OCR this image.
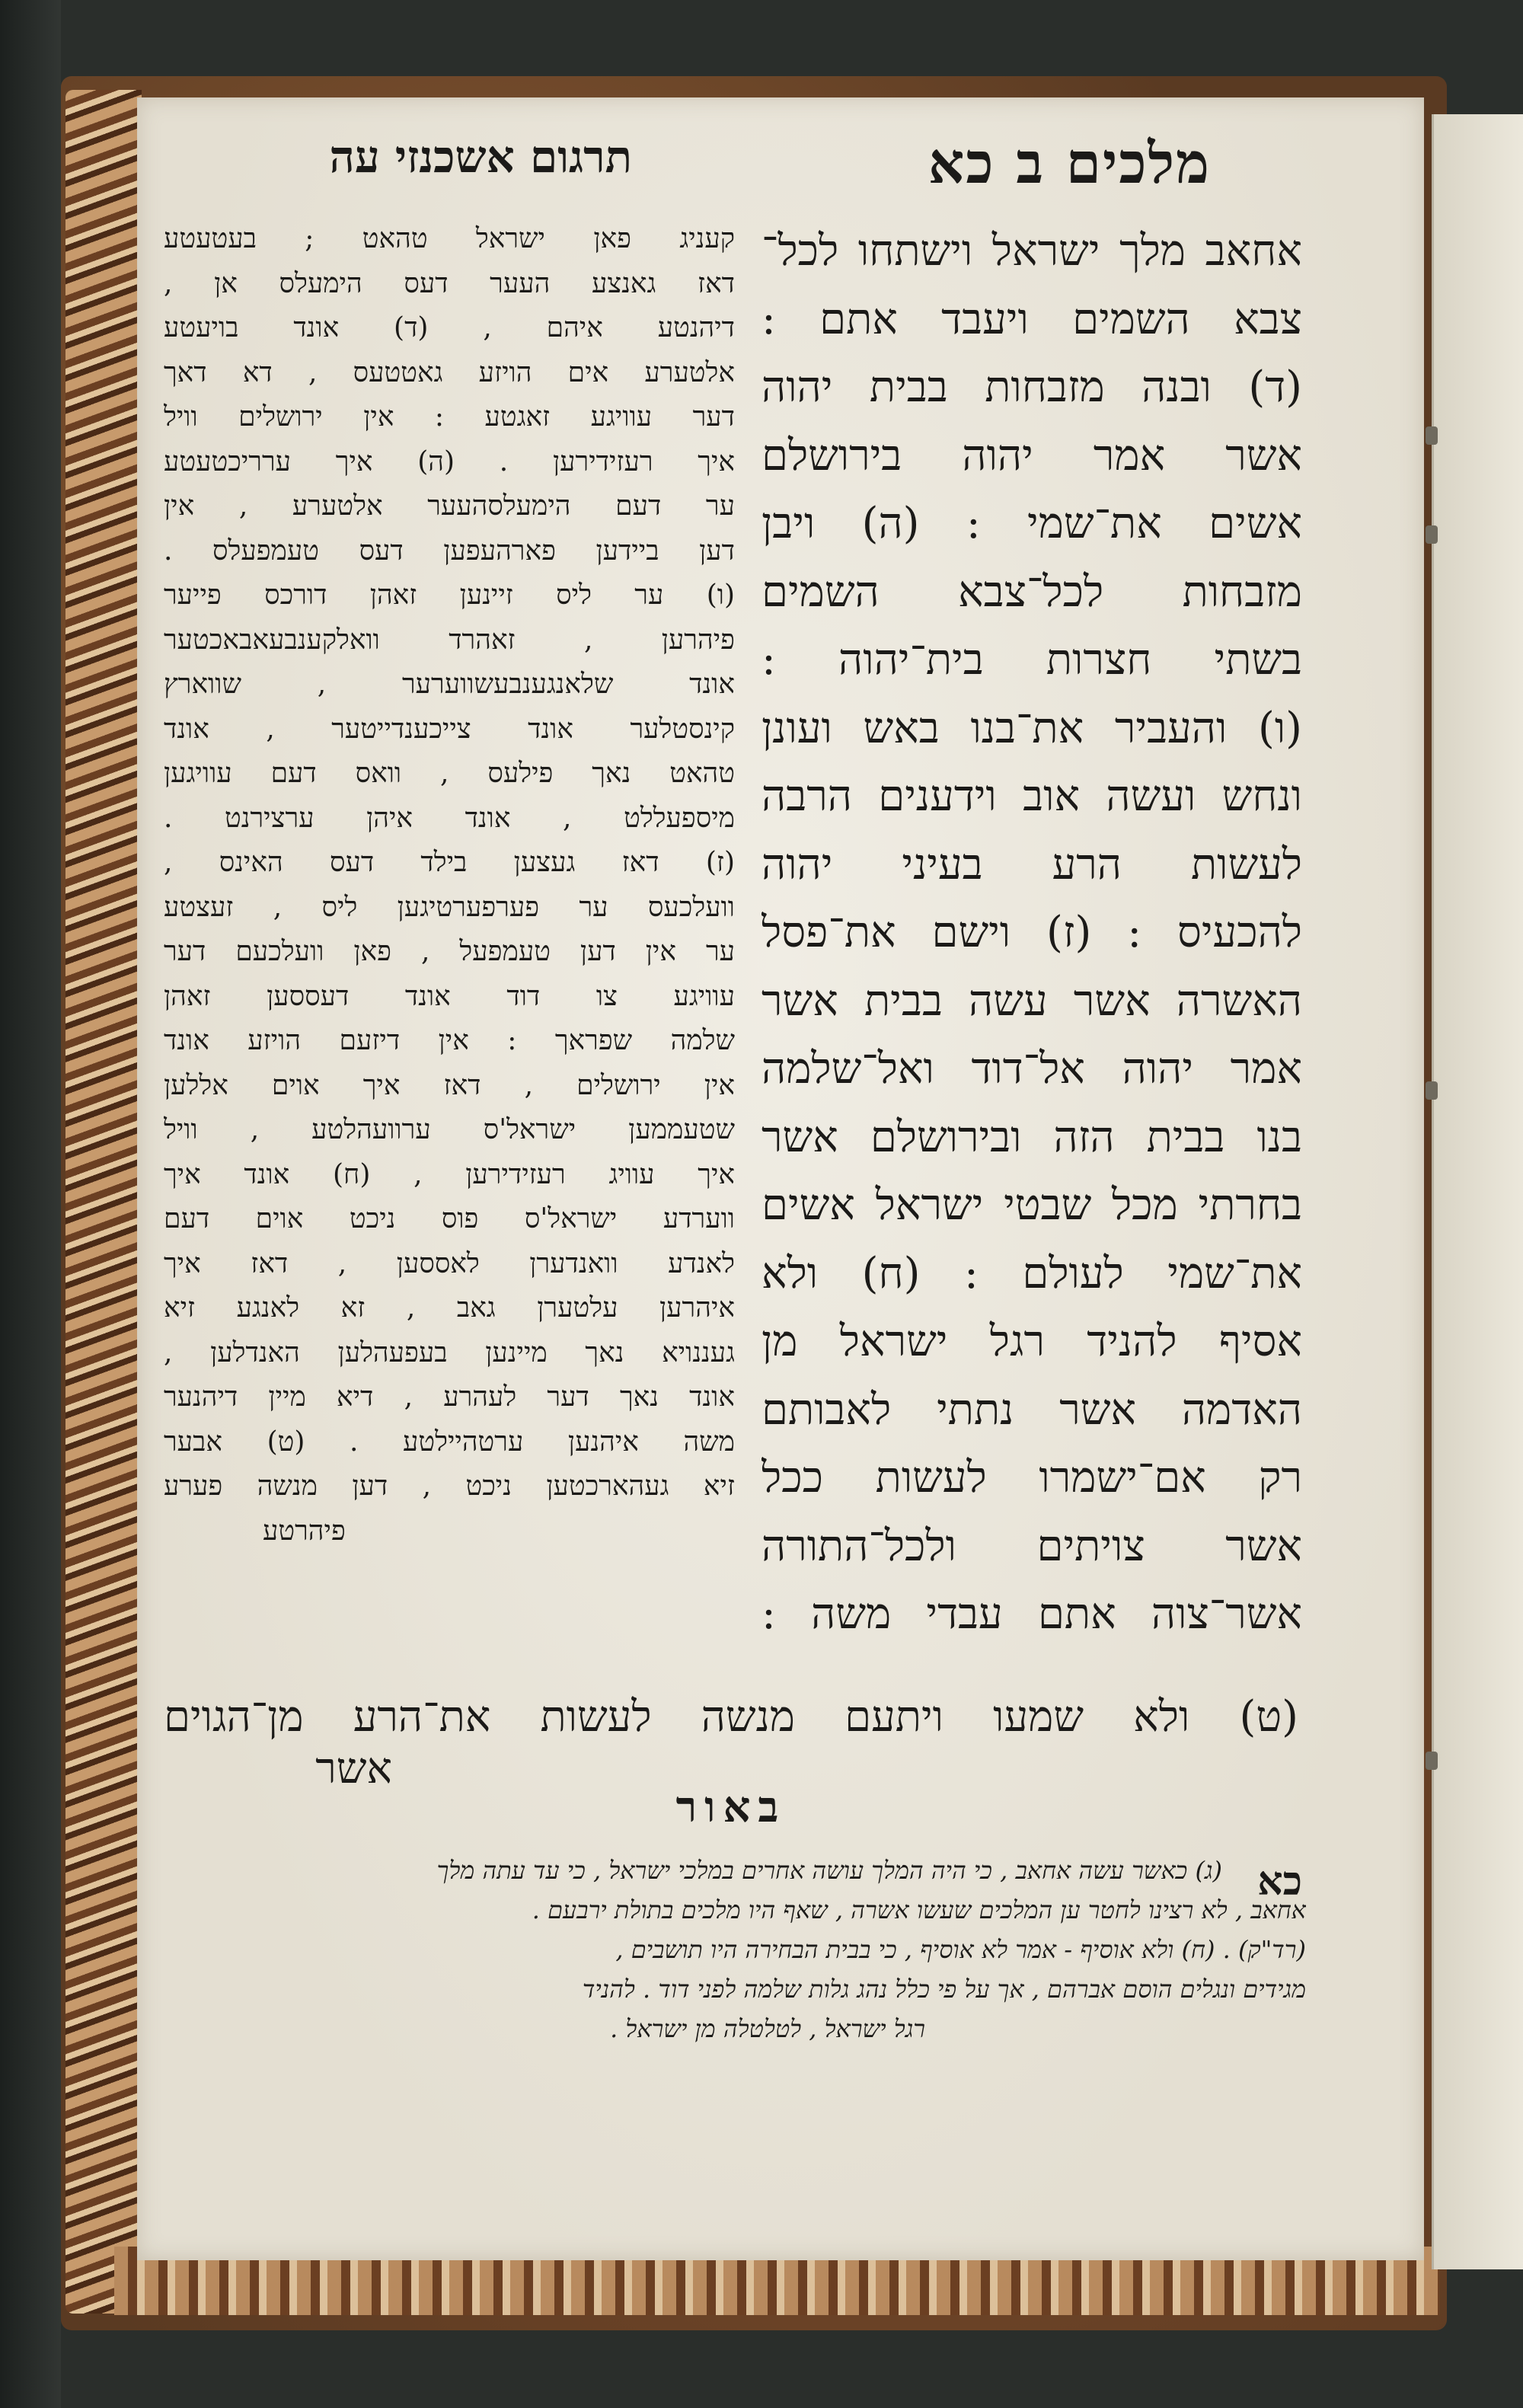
מלכים ב כא
תרגום אשכנזי עה
אחאב מלך ישראל וישתחו לכל־
צבא השמים ויעבד אתם :
(ד) ובנה מזבחות בבית יהוה
אשר אמר יהוה בירושלם
אשים את־שמי : (ה) ויבן
מזבחות לכל־צבא השמים
בשתי חצרות בית־יהוה :
(ו) והעביר את־בנו באש ועונן
ונחש ועשה אוב וידענים הרבה
לעשות הרע בעיני יהוה
להכעיס : (ז) וישם את־פסל
האשרה אשר עשה בבית אשר
אמר יהוה אל־דוד ואל־שלמה
בנו בבית הזה ובירושלם אשר
בחרתי מכל שבטי ישראל אשים
את־שמי לעולם : (ח) ולא
אסיף להניד רגל ישראל מן
האדמה אשר נתתי לאבותם
רק אם־ישמרו לעשות ככל
אשר צויתים ולכל־התורה
אשר־צוה אתם עבדי משה :
קעניג פאן ישראל טהאט ; בעטעטע
דאז גאנצע העער דעס הימעלס אן ,
דיהנטע איהם , (ד) אונד בויעטע
אלטערע אים הויזע גאטטעס , דא דאך
דער עוויגע זאגטע : אין ירושלים וויל
איך רעזידירען . (ה) איך ערריכטעטע
ער דעם הימעלסהעער אלטערע , אין
דען ביידען פארהעפען דעס טעמפעלס .
(ו) ער ליס זיינען זאהן דורכס פייער
פיהרען , זאהרד וואלקענבעאבאכטער
אונד שלאנגענבעשווערער , שווארץ
קינסטלער אונד צייכענדייטער , אונד
טהאט נאך פילעס , וואס דעם עוויגען
מיספעללט , אונד איהן ערצירנט .
(ז) דאז געצען בילד דעס האינס ,
וועלכעס ער פערפערטיגען ליס , זעצטע
ער אין דען טעמפעל , פאן וועלכעם דער
עוויגע צו דוד אונד דעססען זאהן
שלמה שפראך : אין דיזעם הויזע אונד
אין ירושלים , דאז איך אוים אללען
שטעממען ישראל'ס ערוועהלטע , וויל
איך עוויג רעזידירען , (ח) אונד איך
ווערדע ישראל'ס פוס ניכט אוים דעם
לאנדע וואנדערן לאססען , דאז איך
איהרען עלטערן גאב , זא לאנגע זיא
געננויא נאך מיינען בעפעהלען האנדלען ,
אונד נאך דער לעהרע , דיא מיין דיהנער
משה איהנען ערטהיילטע . (ט) אבער
זיא געהארכטען ניכט , דען מנשה פערע
פיהרטע
(ט) ולא שמעו ויתעם מנשה לעשות את־הרע מן־הגוים
אשר
באור
כא
(ג) כאשר עשה אחאב , כי היה המלך עושה אחרים במלכי ישראל , כי עד עתה מלך
אחאב , לא רצינו לחטר ען המלכים שעשו אשרה , שאף היו מלכים בתולת ירבעם .
(רד"ק) . (ח) ולא אוסיף - אמר לא אוסיף , כי בבית הבחירה היו תושבים ,
מגידים ונגלים הוסם אברהם , אך על פי כלל נהג גלות שלמה לפני דוד . להניד
רגל ישראל , לטלטלה מן ישראל .
